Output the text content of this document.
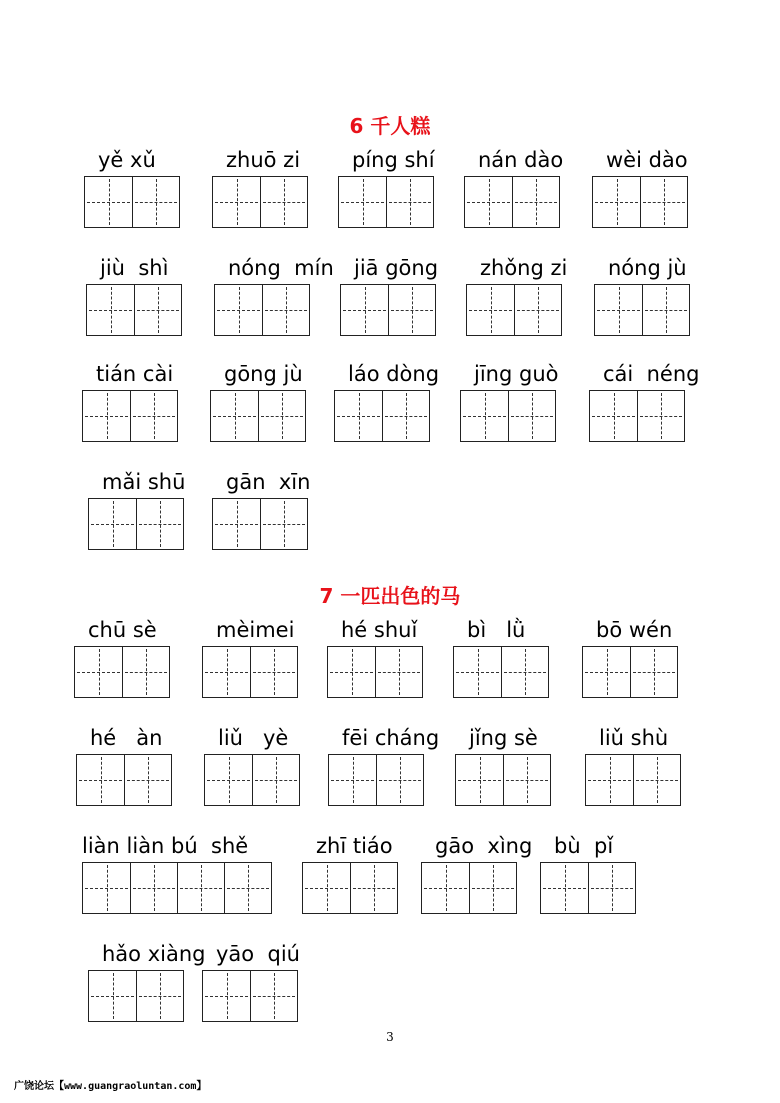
6 千人糕
yě xǔ	zhuō zi píng shí nán dào wèi dào
jiù  shì	nóng  mín jiā gōng zhǒng zi nóng jù
tián cài gōng jù láo dòng jīng guò cái  néng
mǎi shū gān  xīn
7 一匹出色的马
chū sè	mèimei hé shuǐ bì   lǜ	bō wén
hé   àn	liǔ   yè	fēi cháng jǐng sè	liǔ shù
liàn liàn bú  shě	zhī tiáo gāo  xìng bù  pǐ
hǎo xiàng yāo  qiú
3
广饶论坛【www.guangraoluntan.com】
